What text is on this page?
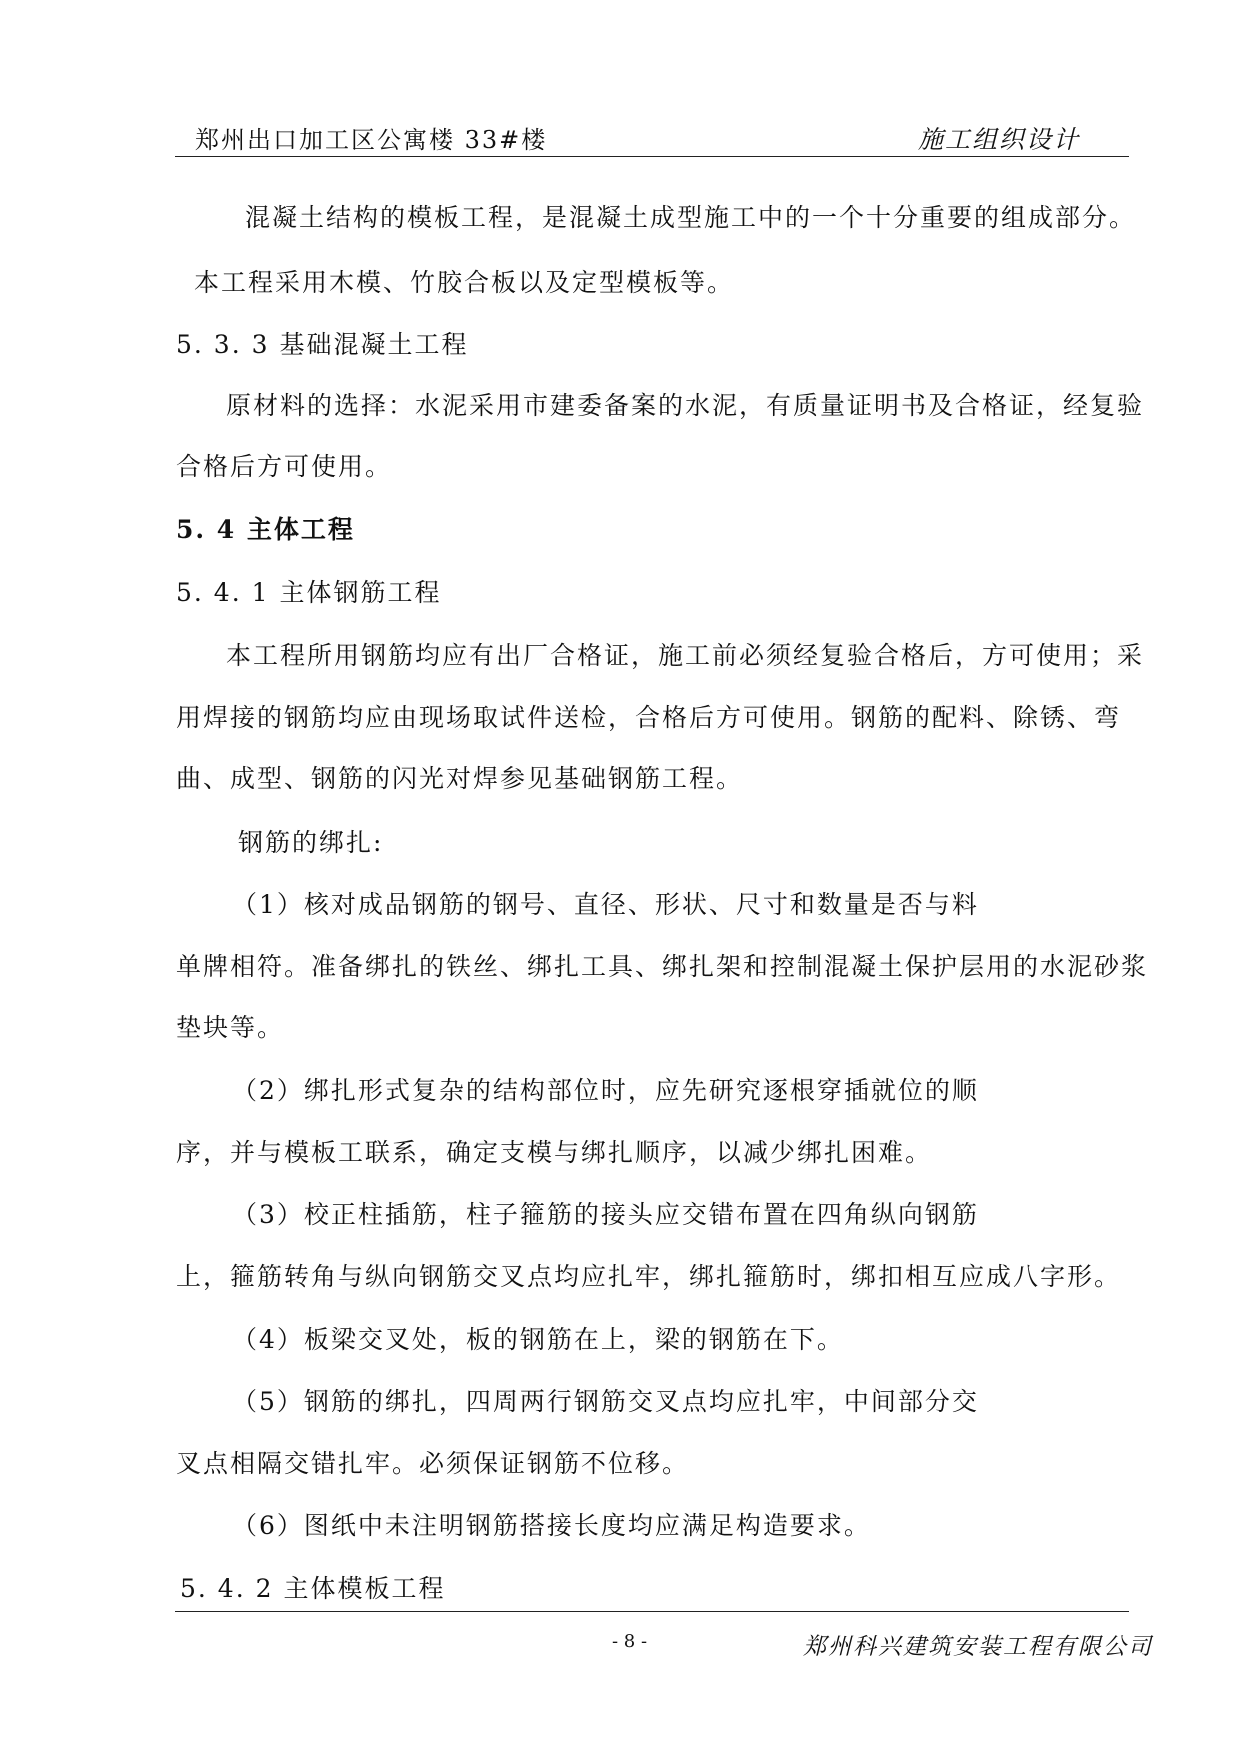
郑州出口加工区公寓楼 33#楼	施工组织设计
混凝土结构的模板工程，是混凝土成型施工中的一个十分重要的组成部分。
本工程采用木模、竹胶合板以及定型模板等。
5. 3. 3 基础混凝土工程
原材料的选择：水泥采用市建委备案的水泥，有质量证明书及合格证，经复验
合格后方可使用。
5. 4 主体工程
5. 4. 1 主体钢筋工程
本工程所用钢筋均应有出厂合格证，施工前必须经复验合格后，方可使用；采
用焊接的钢筋均应由现场取试件送检，合格后方可使用。钢筋的配料、除锈、弯
曲、成型、钢筋的闪光对焊参见基础钢筋工程。
钢筋的绑扎:
（1）核对成品钢筋的钢号、直径、形状、尺寸和数量是否与料
单牌相符。准备绑扎的铁丝、绑扎工具、绑扎架和控制混凝土保护层用的水泥砂浆
垫块等。
（2）绑扎形式复杂的结构部位时，应先研究逐根穿插就位的顺
序，并与模板工联系，确定支模与绑扎顺序，以减少绑扎困难。
（3）校正柱插筋，柱子箍筋的接头应交错布置在四角纵向钢筋
上，箍筋转角与纵向钢筋交叉点均应扎牢，绑扎箍筋时，绑扣相互应成八字形。
（4）板梁交叉处，板的钢筋在上，梁的钢筋在下。
（5）钢筋的绑扎，四周两行钢筋交叉点均应扎牢，中间部分交
叉点相隔交错扎牢。必须保证钢筋不位移。
（6）图纸中未注明钢筋搭接长度均应满足构造要求。
5. 4. 2 主体模板工程
- 8 -	郑州科兴建筑安装工程有限公司
